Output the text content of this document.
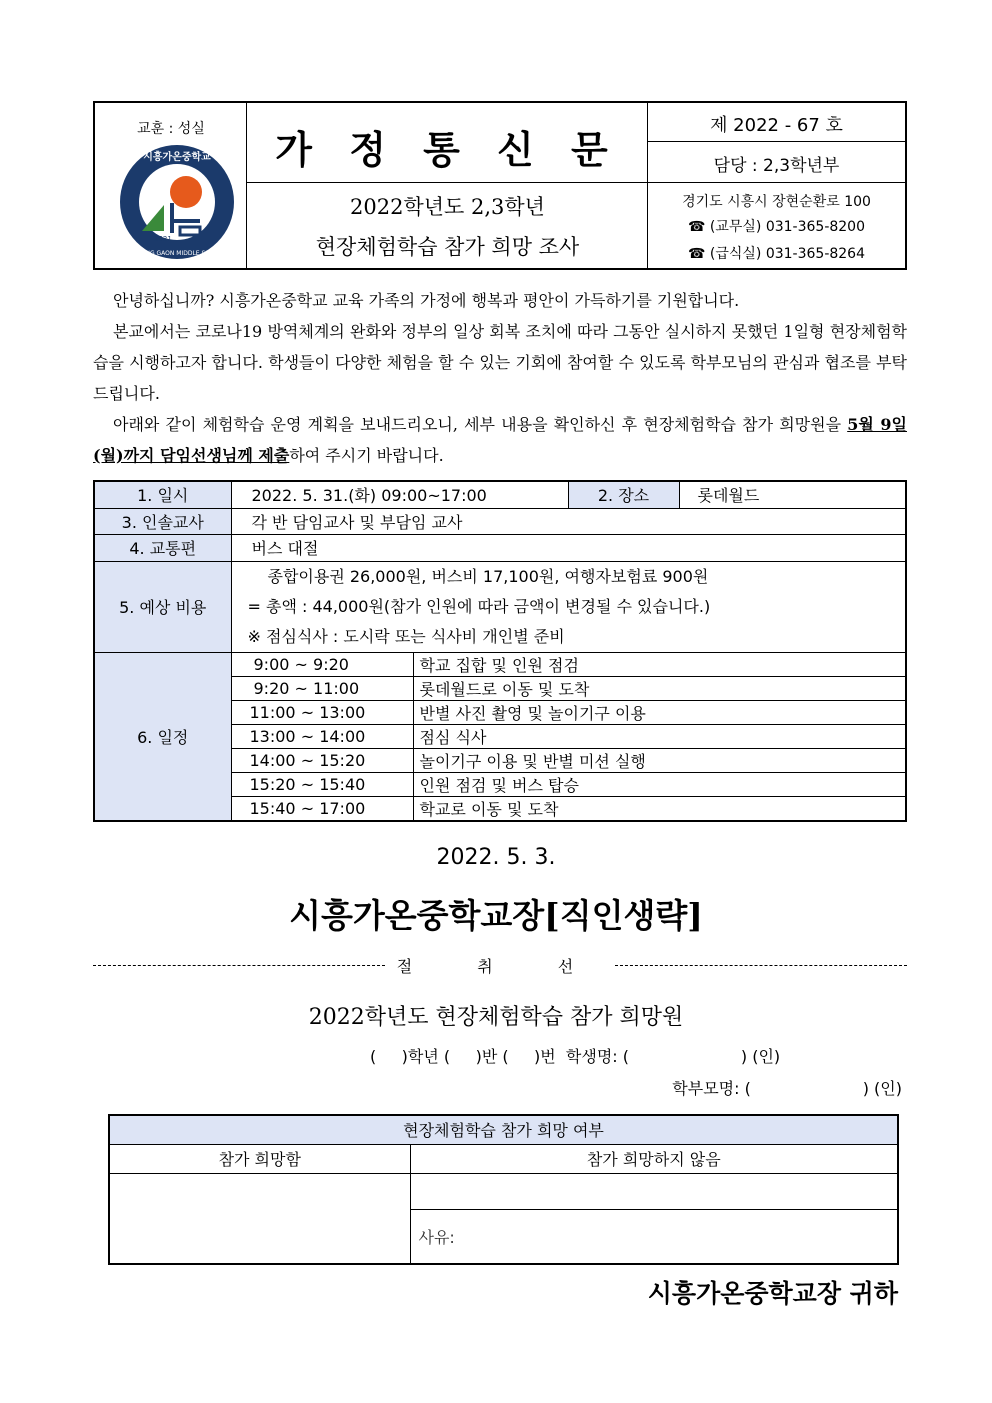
교훈 : 성실
2021
시흥가온중학교
SIHEUNG GAON MIDDLE SCHOOL
가 정 통 신 문
2022학년도 2,3학년
현장체험학습 참가 희망 조사
제 2022 - 67 호
담당 : 2,3학년부
경기도 시흥시 장현순환로 100
☎ (교무실) 031-365-8200
☎ (급식실) 031-365-8264

안녕하십니까? 시흥가온중학교 교육 가족의 가정에 행복과 평안이 가득하기를 기원합니다.

본교에서는 코로나19 방역체계의 완화와 정부의 일상 회복 조치에 따라 그동안 실시하지 못했던 1일형 현장체험학습을 시행하고자 합니다. 학생들이 다양한 체험을 할 수 있는 기회에 참여할 수 있도록 학부모님의 관심과 협조를 부탁드립니다.

아래와 같이 체험학습 운영 계획을 보내드리오니, 세부 내용을 확인하신 후 현장체험학습 참가 희망원을 5월 9일(월)까지 담임선생님께 제출하여 주시기 바랍니다.

1. 일시	2022. 5. 31.(화) 09:00~17:00		2. 장소	롯데월드
3. 인솔교사	각 반 담임교사 및 부담임 교사			
4. 교통편	버스 대절			
5. 예상 비용	종합이용권 26,000원, 버스비 17,100원, 여행자보험료 900원
= 총액 : 44,000원(참가 인원에 따라 금액이 변경될 수 있습니다.)
※ 점심식사 : 도시락 또는 식사비 개인별 준비			

6. 일정	9:00 ~ 9:20	학교 집합 및 인원 점검		
	9:20 ~ 11:00	롯데월드로 이동 및 도착		
	11:00 ~ 13:00	반별 사진 촬영 및 놀이기구 이용		
	13:00 ~ 14:00	점심 식사		
	14:00 ~ 15:20	놀이기구 이용 및 반별 미션 실행		
	15:20 ~ 15:40	인원 점검 및 버스 탑승		
	15:40 ~ 17:00	학교로 이동 및 도착		
2022. 5. 3.
시흥가온중학교장[직인생략]
절 취 선
2022학년도 현장체험학습 참가 희망원
(     )학년 (     )반 (     )번  학생명: (                      ) (인)
학부모명: (                      ) (인)
현장체험학습 참가 희망 여부	
참가 희망함	참가 희망하지 않음

	사유:
시흥가온중학교장 귀하
